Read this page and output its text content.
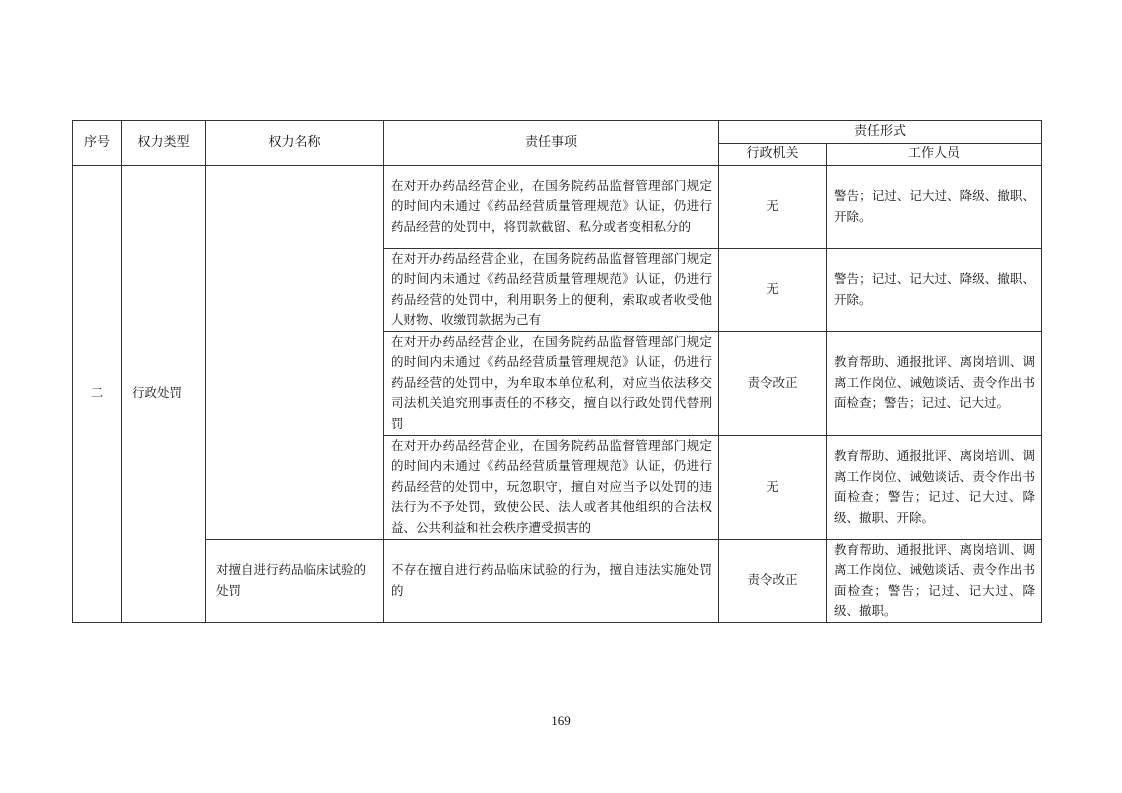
序号	权力类型	权力名称	责任事项	责任形式	
				行政机关	工作人员
二	行政处罚		在对开办药品经营企业，在国务院药品监督管理部门规定的时间内未通过《药品经营质量管理规范》认证，仍进行药品经营的处罚中，将罚款截留、私分或者变相私分的	无	警告；记过、记大过、降级、撤职、开除。
			在对开办药品经营企业，在国务院药品监督管理部门规定的时间内未通过《药品经营质量管理规范》认证，仍进行药品经营的处罚中，利用职务上的便利，索取或者收受他人财物、收缴罚款据为己有	无	警告；记过、记大过、降级、撤职、开除。
			在对开办药品经营企业，在国务院药品监督管理部门规定的时间内未通过《药品经营质量管理规范》认证，仍进行药品经营的处罚中，为牟取本单位私利，对应当依法移交司法机关追究刑事责任的不移交，擅自以行政处罚代替刑罚	责令改正	教育帮助、通报批评、离岗培训、调离工作岗位、诫勉谈话、责令作出书面检查；警告；记过、记大过。
			在对开办药品经营企业，在国务院药品监督管理部门规定的时间内未通过《药品经营质量管理规范》认证，仍进行药品经营的处罚中，玩忽职守，擅自对应当予以处罚的违法行为不予处罚，致使公民、法人或者其他组织的合法权益、公共利益和社会秩序遭受损害的	无	教育帮助、通报批评、离岗培训、调离工作岗位、诫勉谈话、责令作出书面检查；警告；记过、记大过、降级、撤职、开除。
		对擅自进行药品临床试验的处罚	不存在擅自进行药品临床试验的行为，擅自违法实施处罚的	责令改正	教育帮助、通报批评、离岗培训、调离工作岗位、诫勉谈话、责令作出书面检查；警告；记过、记大过、降级、撤职。
169
